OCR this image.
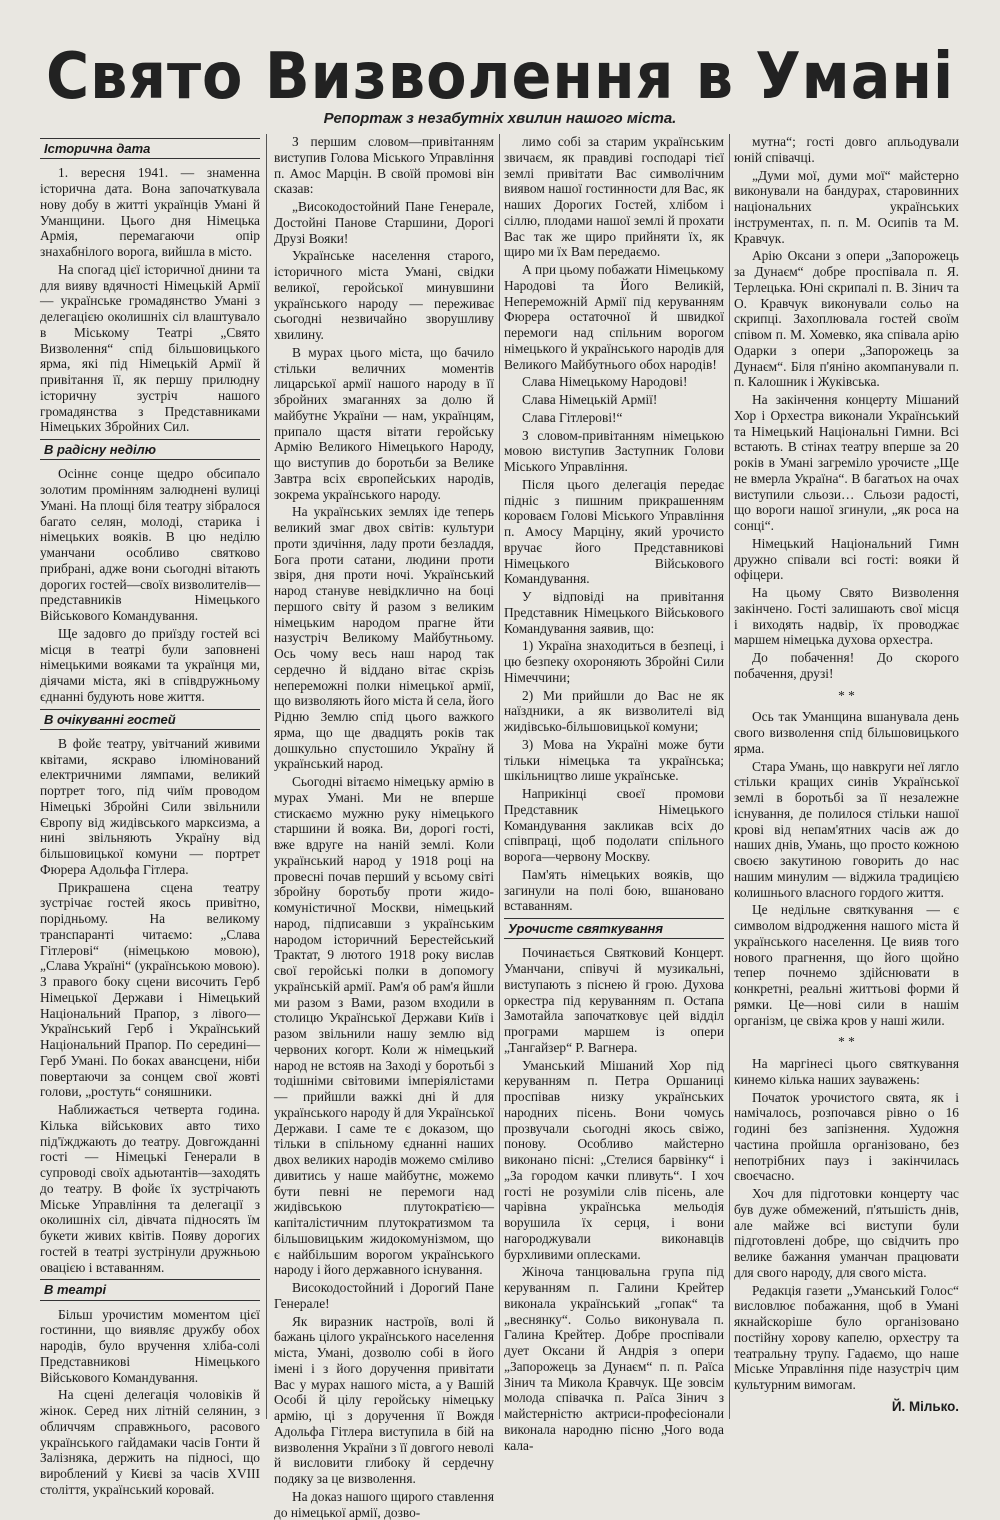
Свято Визволення в Умані
Репортаж з незабутніх хвилин нашого міста.
Історична дата

1. вересня 1941. — знаменна історична дата. Вона започаткувала нову добу в житті українців Умані й Уманщини. Цього дня Німецька Армія, перемагаючи опір знахабнілого ворога, вийшла в місто.

На спогад цієї історичної днини та для вияву вдячності Німецькій Армії — українське громадянство Умані з делегацією околишніх сіл влаштувало в Міському Театрі „Свято Визволення“ спід більшовицького ярма, які під Німецькій Армії й привітання її, як першу прилюдну історичну зустріч нашого громадянства з Представниками Німецьких Збройних Сил.

В радісну неділю

Осіннє сонце щедро обсипало золотим промінням залюднені вулиці Умані. На площі біля театру зібралося багато селян, молоді, старика і німецьких вояків. В цю неділю уманчани особливо святково прибрані, адже вони сьогодні вітають дорогих гостей—своїх визволителів—представників Німецького Військового Командування.

Ще задовго до приїзду гостей всі місця в театрі були заповнені німецькими вояками та українця ми, діячами міста, які в співдружньому єднанні будують нове життя.

В очікуванні гостей

В фойє театру, увітчаний живими квітами, яскраво ілюмінований електричними лямпами, великий портрет того, під чиїм проводом Німецькі Збройні Сили звільнили Європу від жидівського марксизма, а нині звільняють Україну від більшовицької комуни — портрет Фюрера Адольфа Гітлера.

Прикрашена сцена театру зустрічає гостей якось привітно, порідньому. На великому транспаранті читаємо: „Слава Гітлерові“ (німецькою мовою), „Слава Україні“ (українською мовою). З правого боку сцени височить Герб Німецької Держави і Німецький Національний Прапор, з лівого—Український Герб і Український Національний Прапор. По середині—Герб Умані. По боках авансцени, ніби повертаючи за сонцем свої жовті голови, „ростуть“ соняшники.

Наближається четверта година. Кілька військових авто тихо під'їжджають до театру. Довгожданні гості — Німецькі Генерали в супроводі своїх адьютантів—заходять до театру. В фойє їх зустрічають Міське Управління та делегації з околишніх сіл, дівчата підносять їм букети живих квітів. Появу дорогих гостей в театрі зустрінули дружньою овацією і вставанням.

В театрі

Більш урочистим моментом цієї гостинни, що виявляє дружбу обох народів, було вручення хліба-солі Представникові Німецького Військового Командування.

На сцені делегація чоловіків й жінок. Серед них літній селянин, з обличчям справжнього, расового українського гайдамаки часів Гонти й Залізняка, держить на підносі, що вироблений у Києві за часів XVIII століття, український коровай.

З першим словом—привітанням виступив Голова Міського Управління п. Амос Марцін. В своїй промові він сказав:

„Високодостойний Пане Генерале, Достойні Панове Старшини, Дорогі Друзі Вояки!

Українське населення старого, історичного міста Умані, свідки великої, геройської минувшини українського народу — переживає сьогодні незвичайно зворушливу хвилину.

В мурах цього міста, що бачило стільки величних моментів лицарської армії нашого народу в її збройних змаганнях за долю й майбутнє України — нам, українцям, припало щастя вітати геройську Армію Великого Німецького Народу, що виступив до боротьби за Велике Завтра всіх європейських народів, зокрема українського народу.

На українських землях іде теперь великий змаг двох світів: культури проти здичіння, ладу проти безладдя, Бога проти сатани, людини проти звіря, дня проти ночі. Український народ стануве невідклично на боці першого світу й разом з великим німецьким народом прагне йти назустріч Великому Майбутньому. Ось чому весь наш народ так сердечно й віддано вітає скрізь непереможні полки німецької армії, що визволяють його міста й села, його Рідню Землю спід цього важкого ярма, що ще двадцять років так дошкульно спустошило Україну й український народ.

Сьогодні вітаємо німецьку армію в мурах Умані. Ми не вперше стискаємо мужню руку німецького старшини й вояка. Ви, дорогі гості, вже вдруге на наній землі. Коли український народ у 1918 році на провесні почав перший у всьому світі збройну боротьбу проти жидо-комуністичної Москви, німецький народ, підписавши з українським народом історичний Берестейський Трактат, 9 лютого 1918 року вислав свої геройські полки в допомогу українській армії. Рам'я об рам'я йшли ми разом з Вами, разом входили в столицю Української Держави Київ і разом звільнили нашу землю від червоних когорт. Коли ж німецький народ не встояв на Заході у боротьбі з тодішніми світовими імперіялістами — прийшли важкі дні й для українського народу й для Української Держави. І саме те є доказом, що тільки в спільному єднанні наших двох великих народів можемо сміливо дивитись у наше майбутнє, можемо бути певні не перемоги над жидівською плутократією—капіталістичним плутократизмом та більшовицьким жидокомунізмом, що є найбільшим ворогом українського народу і його державного існування.

Високодостойний і Дорогий Пане Генерале!

Як виразник настроїв, волі й бажань цілого українського населення міста, Умані, дозволю собі в його імені і з його доручення привітати Вас у мурах нашого міста, а у Вашій Особі й цілу геройську німецьку армію, ці з доручення її Вождя Адольфа Гітлера виступила в бій на визволення України з її довгого неволі й висловити глибоку й сердечну подяку за це визволення.

На доказ нашого щирого ставлення до німецької армії, дозво-

лимо собі за старим українським звичаєм, як правдиві господарі тієї землі привітати Вас символічним виявом нашої гостинности для Вас, як наших Дорогих Гостей, хлібом і сіллю, плодами нашої землі й прохати Вас так же щиро прийняти їх, як щиро ми їх Вам передаємо.

А при цьому побажати Німецькому Народові та Його Великій, Непереможній Армії під керуванням Фюрера остаточної й швидкої перемоги над спільним ворогом німецького й українського народів для Великого Майбутнього обох народів!

Слава Німецькому Народові!

Слава Німецькій Армії!

Слава Гітлерові!“

З словом-привітанням німецькою мовою виступив Заступник Голови Міського Управління.

Після цього делегація передає підніс з пишним прикрашенням короваєм Голові Міського Управління п. Амосу Марціну, який урочисто вручає його Представникові Німецького Військового Командування.

У відповіді на привітання Представник Німецького Військового Командування заявив, що:

1) Україна знаходиться в безпеці, і цю безпеку охороняють Збройні Сили Німеччини;

2) Ми прийшли до Вас не як наїздники, а як визволителі від жидівсько-більшовицької комуни;

3) Мова на Україні може бути тільки німецька та українська; шкільництво лише українське.

Наприкінці своєї промови Представник Німецького Командування закликав всіх до співпраці, щоб подолати спільного ворога—червону Москву.

Пам'ять німецьких вояків, що загинули на полі бою, вшановано вставанням.

Урочисте святкування

Починається Святковий Концерт. Уманчани, співучі й музикальні, виступають з піснею й грою. Духова оркестра під керуванням п. Остапа Замотайла започатковує цей відділ програми маршем із опери „Тангайзер“ Р. Вагнера.

Уманський Мішаний Хор під керуванням п. Петра Оршаниці проспівав низку українських народних пісень. Вони чомусь прозвучали сьогодні якось свіжо, понову. Особливо майстерно виконано пісні: „Стелися барвінку“ і „За городом качки пливуть“. І хоч гості не розуміли слів пісень, але чарівна українська мельодія ворушила їх серця, і вони нагороджували виконавців бурхливими оплесками.

Жіноча танцювальна група під керуванням п. Галини Крейтер виконала український „гопак“ та „веснянку“. Сольо виконувала п. Галина Крейтер. Добре проспівали дует Оксани й Андрія з опери „Запорожець за Дунаєм“ п. п. Раїса Зінич та Микола Кравчук. Ще зовсім молода співачка п. Раїса Зінич з майстерністю актриси-професіонали виконала народню пісню „Чого вода кала-

мутна“; гості довго апльодували юній співачці.

„Думи мої, думи мої“ майстерно виконували на бандурах, старовинних національних українських інструментах, п. п. М. Осипів та М. Кравчук.

Арію Оксани з опери „Запорожець за Дунаєм“ добре проспівала п. Я. Терлецька. Юні скрипалі п. В. Зінич та О. Кравчук виконували сольо на скрипці. Захоплювала гостей своїм співом п. М. Хомевко, яка співала арію Одарки з опери „Запорожець за Дунаєм“. Біля п'яніно акомпанували п. п. Калошник і Жуківська.

На закінчення концерту Мішаний Хор і Орхестра виконали Український та Німецький Національні Гимни. Всі встають. В стінах театру вперше за 20 років в Умані загреміло урочисте „Ще не вмерла Україна“. В багатьох на очах виступили сльози… Сльози радості, що вороги нашої згинули, „як роса на сонці“.

Німецький Національний Гимн дружно співали всі гості: вояки й офіцери.

На цьому Свято Визволення закінчено. Гості залишають свої місця і виходять надвір, їх проводжає маршем німецька духова орхестра.

До побачення! До скорого побачення, друзі!

* *

Ось так Уманщина вшанувала день свого визволення спід більшовицького ярма.

Стара Умань, що навкруги неї лягло стільки кращих синів Української землі в боротьбі за її незалежне існування, де полилося стільки нашої крові від непам'ятних часів аж до наших днів, Умань, що просто кожною своєю закутиною говорить до нас нашим минулим — віджила традицією колишнього власного гордого життя.

Це недільне святкування — є символом відродження нашого міста й українського населення. Це вияв того нового прагнення, що його щойно тепер почнемо здійснювати в конкретні, реальні життьові форми й рямки. Це—нові сили в нашім організм, це свіжа кров у наші жили.

* *

На маргінесі цього святкування кинемо кілька наших зауважень:

Початок урочистого свята, як і намічалось, розпочався рівно о 16 годині без запізнення. Художня частина пройшла організовано, без непотрібних пауз і закінчилась своєчасно.

Хоч для підготовки концерту час був дуже обмежений, п'ятьшість днів, але майже всі виступи були підготовлені добре, що свідчить про велике бажання уманчан працювати для свого народу, для свого міста.

Редакція газети „Уманський Голос“ висловлює побажання, щоб в Умані якнайскоріше було організовано постійну хорову капелю, орхестру та театральну трупу. Гадаємо, що наше Міське Управління піде назустріч цим культурним вимогам.

Й. Мілько.
